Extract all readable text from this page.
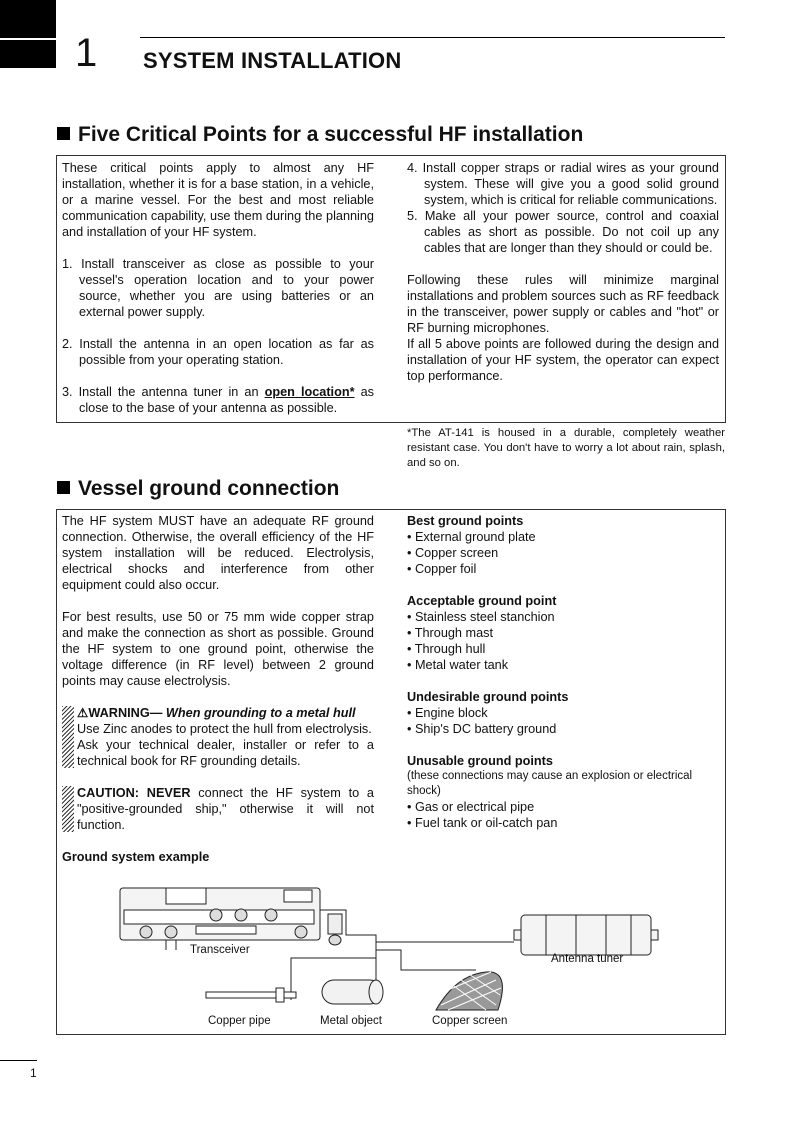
1 SYSTEM INSTALLATION
Five Critical Points for a successful HF installation

These critical points apply to almost any HF installation, whether it is for a base station, in a vehicle, or a marine vessel. For the best and most reliable communication capability, use them during the planning and installation of your HF system.

1. Install transceiver as close as possible to your vessel's operation location and to your power source, whether you are using batteries or an external power supply.

2. Install the antenna in an open location as far as possible from your operating station.

3. Install the antenna tuner in an open location* as close to the base of your antenna as possible.

4. Install copper straps or radial wires as your ground system. These will give you a good solid ground system, which is critical for reliable communications.

5. Make all your power source, control and coaxial cables as short as possible. Do not coil up any cables that are longer than they should or could be.

Following these rules will minimize marginal installations and problem sources such as RF feedback in the transceiver, power supply or cables and "hot" or RF burning microphones.

If all 5 above points are followed during the design and installation of your HF system, the operator can expect top performance.

*The AT-141 is housed in a durable, completely weather resistant case. You don't have to worry a lot about rain, splash, and so on.
Vessel ground connection

The HF system MUST have an adequate RF ground connection. Otherwise, the overall efficiency of the HF system installation will be reduced. Electrolysis, electrical shocks and interference from other equipment could also occur.

For best results, use 50 or 75 mm wide copper strap and make the connection as short as possible. Ground the HF system to one ground point, otherwise the voltage difference (in RF level) between 2 ground points may cause electrolysis.

⚠WARNING— When grounding to a metal hull

Use Zinc anodes to protect the hull from electrolysis.

Ask your technical dealer, installer or refer to a technical book for RF grounding details.

CAUTION: NEVER connect the HF system to a "positive-grounded ship," otherwise it will not function.

Ground system example

Best ground points

• External ground plate

• Copper screen

• Copper foil

Acceptable ground point

• Stainless steel stanchion

• Through mast

• Through hull

• Metal water tank

Undesirable ground points

• Engine block

• Ship's DC battery ground

Unusable ground points

(these connections may cause an explosion or electrical shock)

• Gas or electrical pipe

• Fuel tank or oil-catch pan

Transceiver
Antenna tuner
Copper pipe	Metal object	Copper screen
1
